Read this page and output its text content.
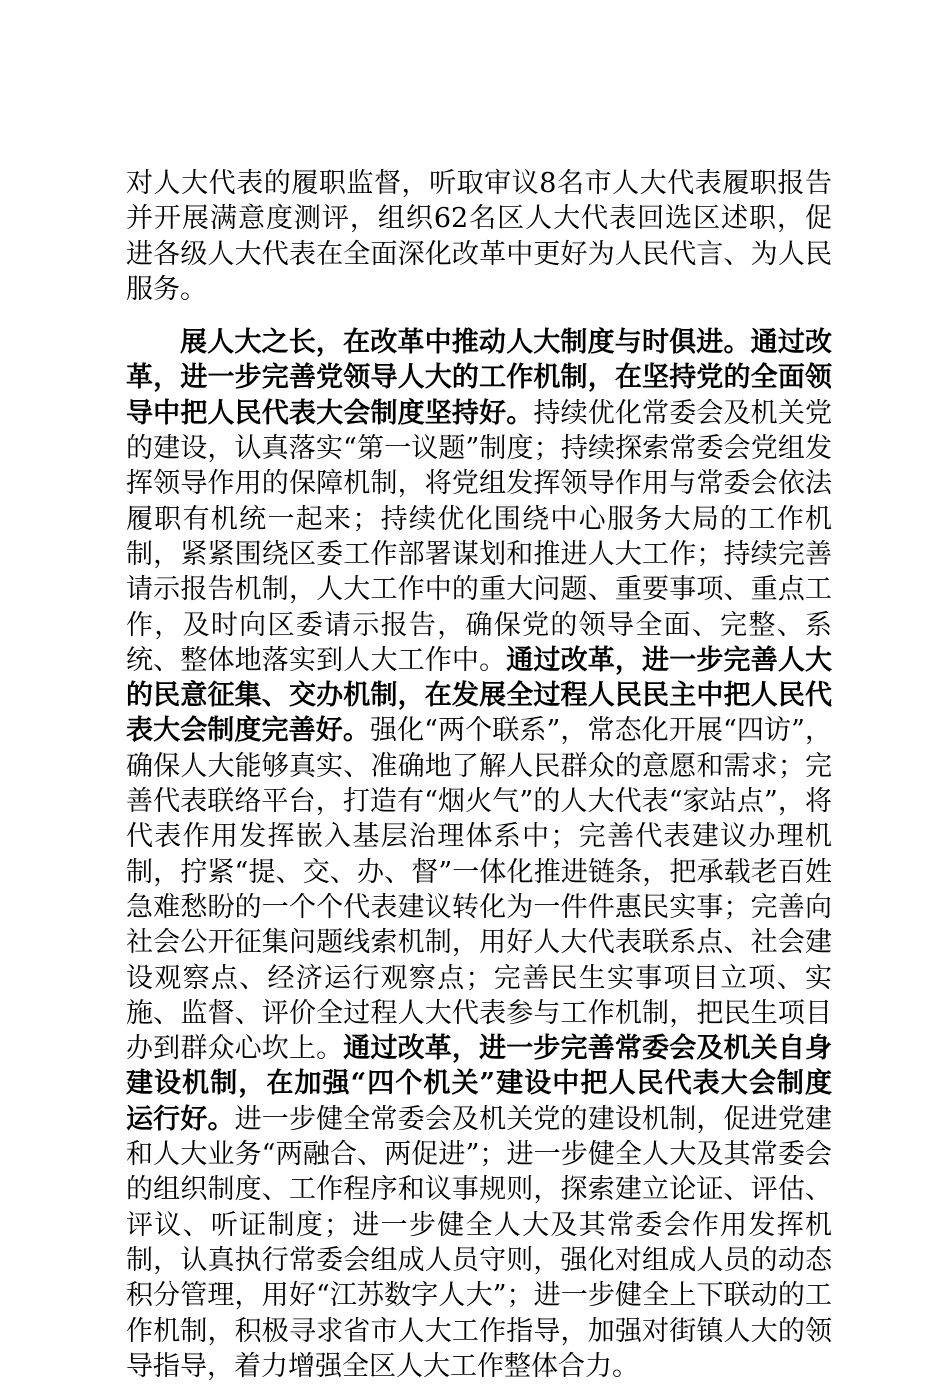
对人大代表的履职监督，听取审议8名市人大代表履职报告并开展满意度测评，组织62名区人大代表回选区述职，促进各级人大代表在全面深化改革中更好为人民代言、为人民服务。

展人大之长，在改革中推动人大制度与时俱进。通过改革，进一步完善党领导人大的工作机制，在坚持党的全面领导中把人民代表大会制度坚持好。持续优化常委会及机关党的建设，认真落实“第一议题”制度；持续探索常委会党组发挥领导作用的保障机制，将党组发挥领导作用与常委会依法履职有机统一起来；持续优化围绕中心服务大局的工作机制，紧紧围绕区委工作部署谋划和推进人大工作；持续完善请示报告机制，人大工作中的重大问题、重要事项、重点工作，及时向区委请示报告，确保党的领导全面、完整、系统、整体地落实到人大工作中。通过改革，进一步完善人大的民意征集、交办机制，在发展全过程人民民主中把人民代表大会制度完善好。强化“两个联系”，常态化开展“四访”，确保人大能够真实、准确地了解人民群众的意愿和需求；完善代表联络平台，打造有“烟火气”的人大代表“家站点”，将代表作用发挥嵌入基层治理体系中；完善代表建议办理机制，拧紧“提、交、办、督”一体化推进链条，把承载老百姓急难愁盼的一个个代表建议转化为一件件惠民实事；完善向社会公开征集问题线索机制，用好人大代表联系点、社会建设观察点、经济运行观察点；完善民生实事项目立项、实施、监督、评价全过程人大代表参与工作机制，把民生项目办到群众心坎上。通过改革，进一步完善常委会及机关自身建设机制，在加强“四个机关”建设中把人民代表大会制度运行好。进一步健全常委会及机关党的建设机制，促进党建和人大业务“两融合、两促进”；进一步健全人大及其常委会的组织制度、工作程序和议事规则，探索建立论证、评估、评议、听证制度；进一步健全人大及其常委会作用发挥机制，认真执行常委会组成人员守则，强化对组成人员的动态积分管理，用好“江苏数字人大”；进一步健全上下联动的工作机制，积极寻求省市人大工作指导，加强对街镇人大的领导指导，着力增强全区人大工作整体合力。
